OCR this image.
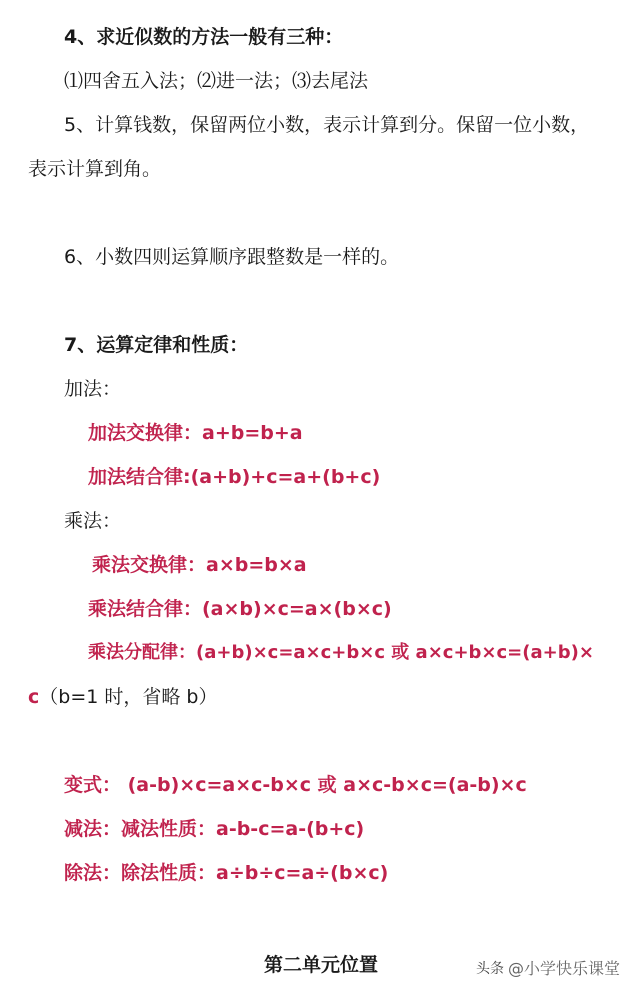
4、求近似数的方法一般有三种：
⑴四舍五入法；⑵进一法；⑶去尾法
5、计算钱数，保留两位小数，表示计算到分。保留一位小数，
表示计算到角。
6、小数四则运算顺序跟整数是一样的。
7、运算定律和性质：
加法：
加法交换律：a+b=b+a
加法结合律:(a+b)+c=a+(b+c)
乘法：
乘法交换律：a×b=b×a
乘法结合律：(a×b)×c=a×(b×c)
乘法分配律：(a+b)×c=a×c+b×c 或 a×c+b×c=(a+b)×
c（b=1 时，省略 b）
变式： (a-b)×c=a×c-b×c 或 a×c-b×c=(a-b)×c
减法：减法性质：a-b-c=a-(b+c)
除法：除法性质：a÷b÷c=a÷(b×c)
第二单元位置	头条 @小学快乐课堂
